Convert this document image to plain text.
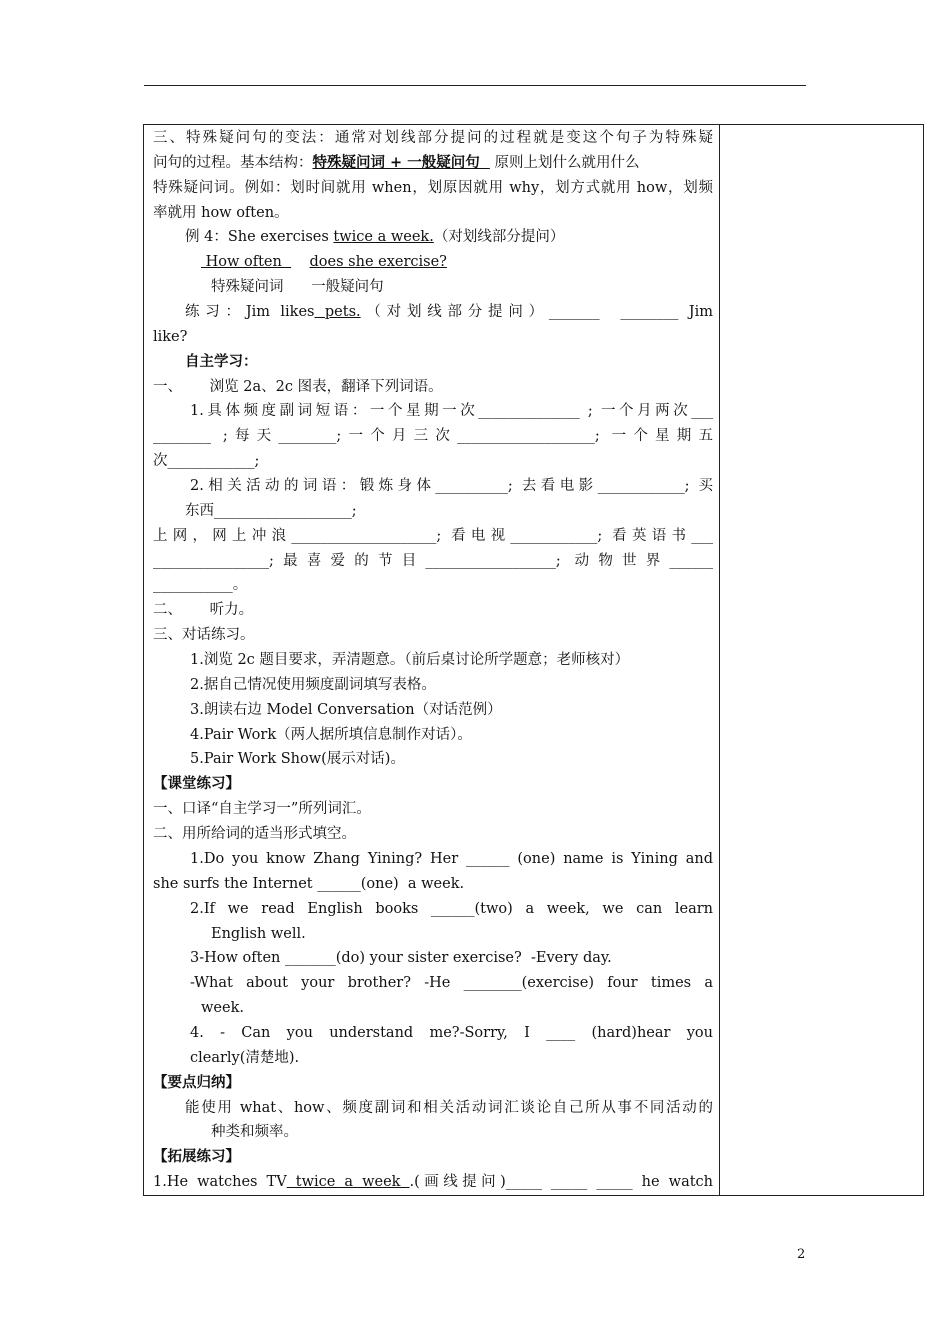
三、特殊疑问句的变法：通常对划线部分提问的过程就是变这个句子为特殊疑
问句的过程。基本结构：特殊疑问词 + 一般疑问句   原则上划什么就用什么
特殊疑问词。例如：划时间就用 when，划原因就用 why，划方式就用 how，划频
率就用 how often。
例 4：She exercises twice a week.（对划线部分提问）
How often      does she exercise?
特殊疑问词      一般疑问句
练习：Jim likes pets.（对划线部分提问）_______  ________ Jim
like?
自主学习：
一、      浏览 2a、2c 图表，翻译下列词语。
1.具体频度副词短语：一个星期一次______________ ; 一个月两次___
________ ;每天________;一个月三次___________________; 一个星期五
次____________;
2.相关活动的词语：锻炼身体__________; 去看电影____________; 买
东西___________________;
上网，网上冲浪____________________; 看电视____________; 看英语书___
________________;最喜爱的节目__________________; 动物世界______
___________。
二、      听力。
三、对话练习。
1.浏览 2c 题目要求，弄清题意。（前后桌讨论所学题意；老师核对）
2.据自己情况使用频度副词填写表格。
3.朗读右边 Model Conversation（对话范例）
4.Pair Work（两人据所填信息制作对话）。
5.Pair Work Show(展示对话)。
【课堂练习】
一、口译“自主学习一”所列词汇。
二、用所给词的适当形式填空。
1.Do you know Zhang Yining? Her ______ (one) name is Yining and
she surfs the Internet ______(one)  a week.
2.If we read English books ______(two) a week, we can learn
English well.
3-How often _______(do) your sister exercise?  -Every day.
-What about your brother? -He ________(exercise) four times a
week.
4. - Can you understand me?-Sorry, I ____ (hard)hear you
clearly(清楚地).
【要点归纳】
能使用 what、how、频度副词和相关活动词汇谈论自己所从事不同活动的
种类和频率。
【拓展练习】
1.He watches TV twice a week .(画线提问)_____ _____ _____ he watch
2
